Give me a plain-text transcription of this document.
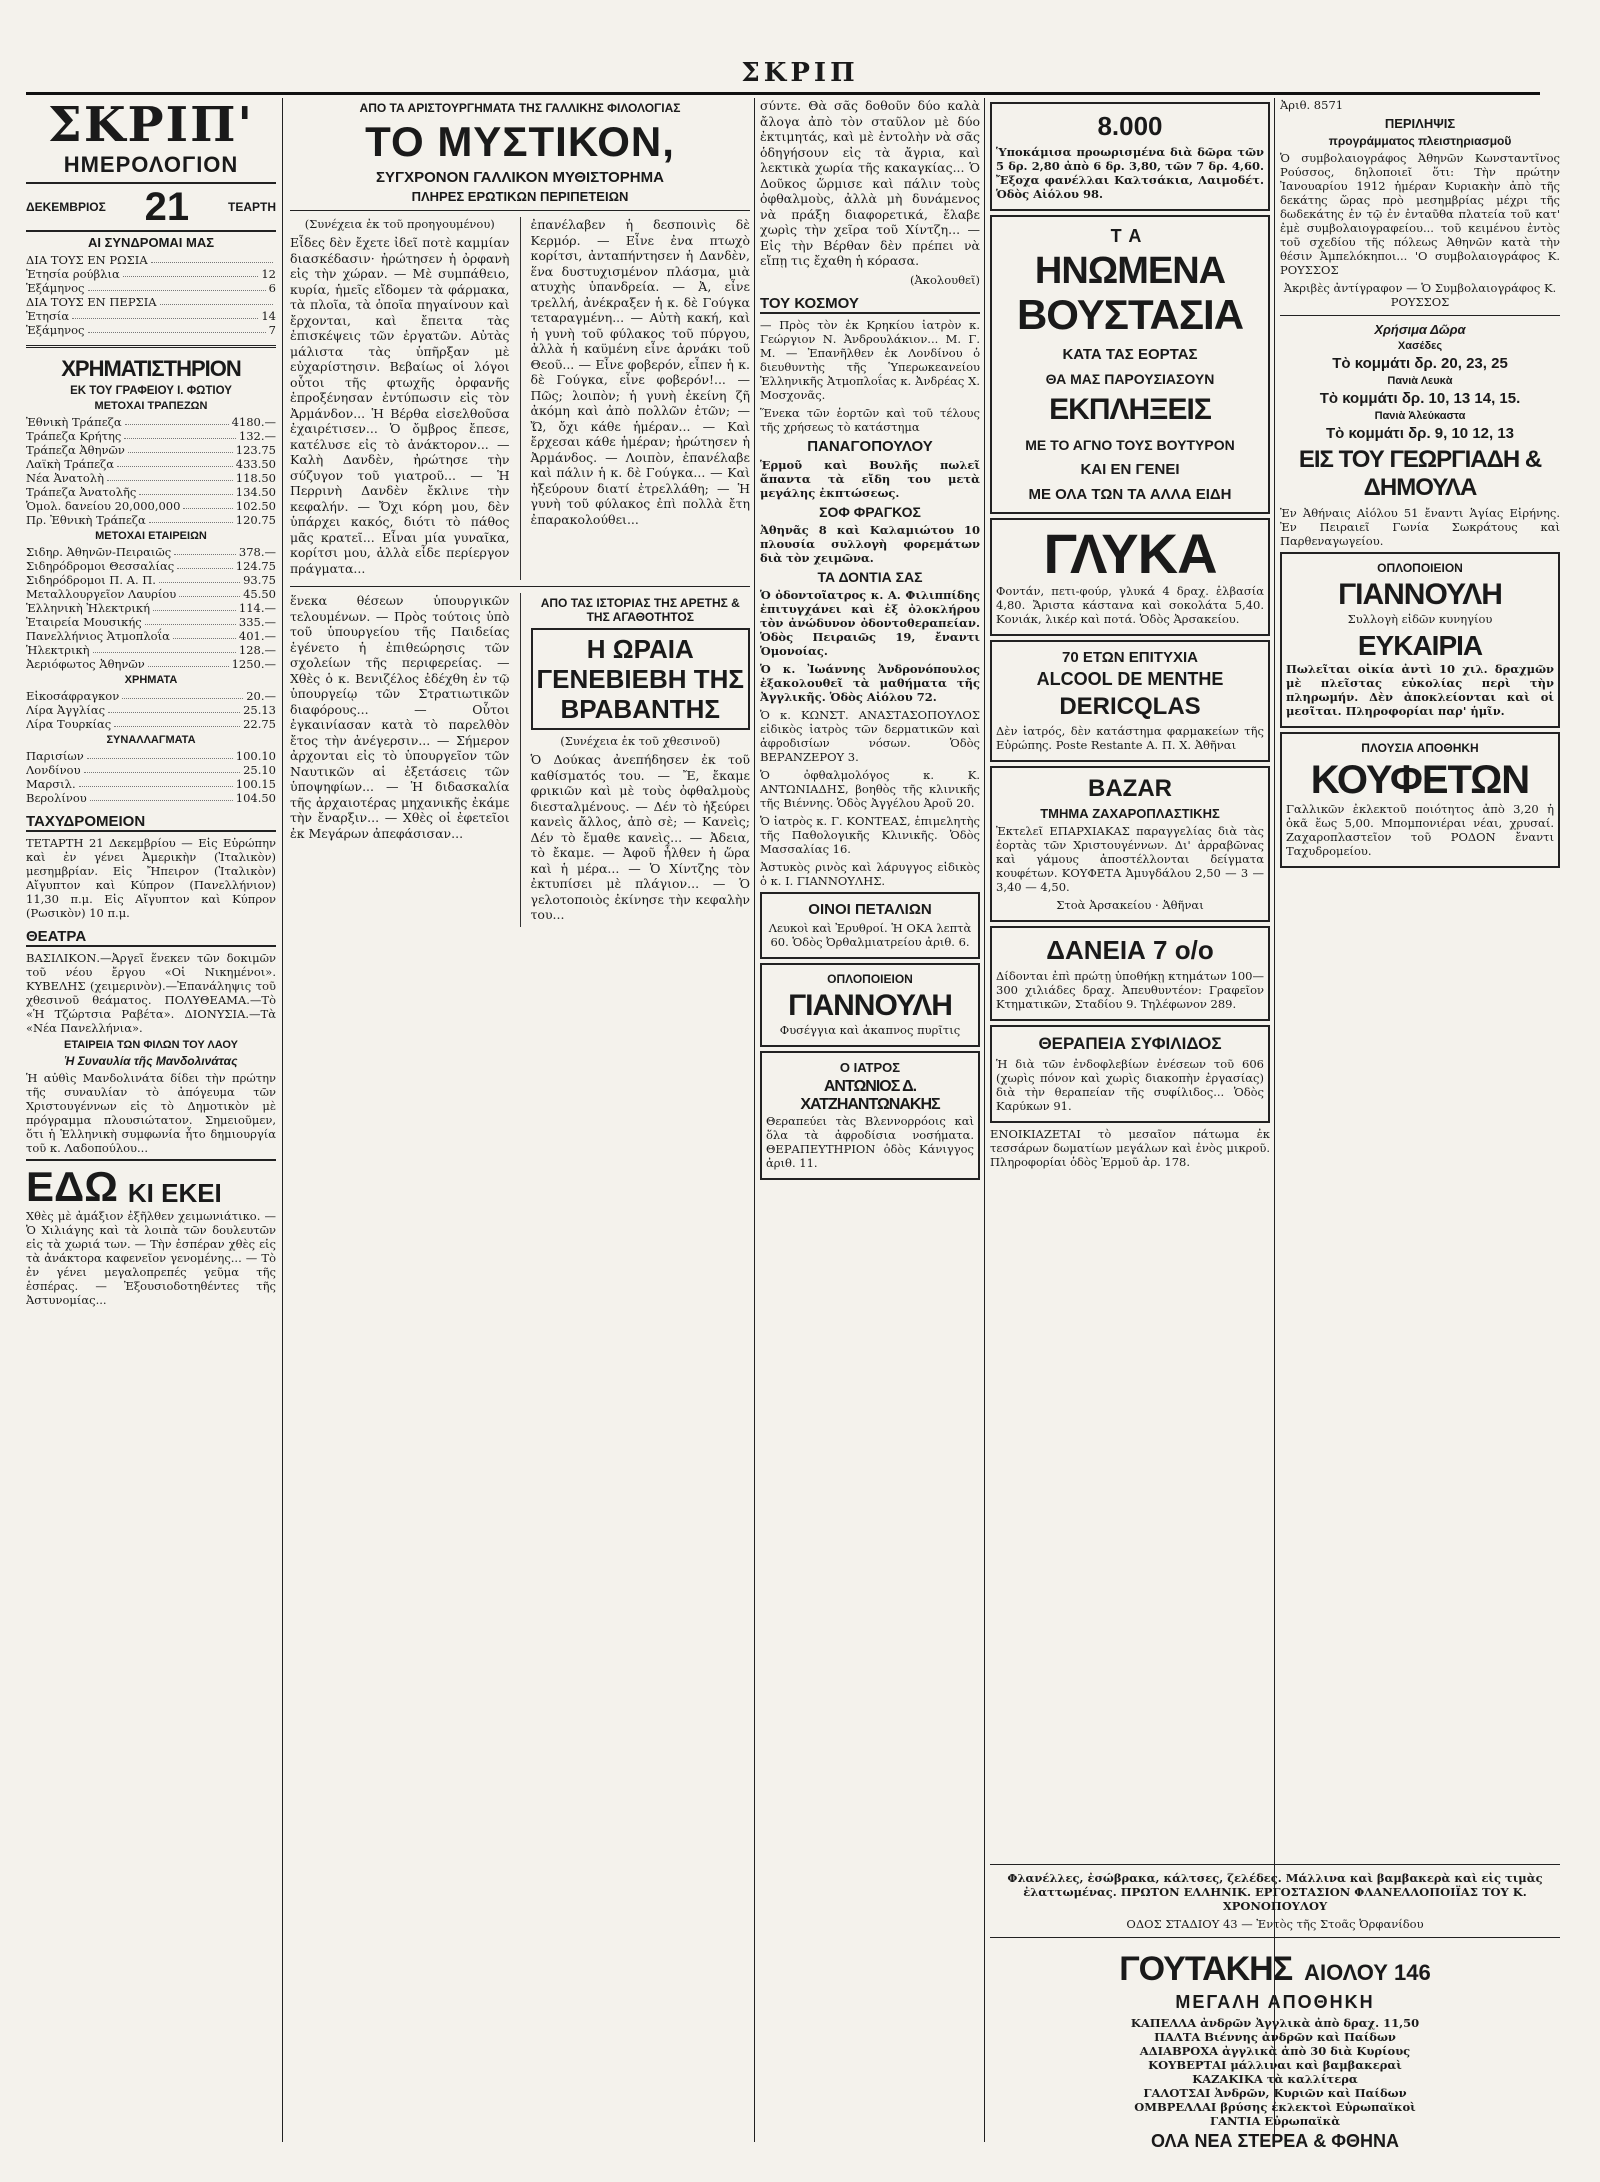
ΣΚΡΙΠ
ΣΚΡΙΠ'
ΗΜΕΡΟΛΟΓΙΟΝ
ΔΕΚΕΜΒΡΙΟΣ 21	ΤΕΑΡΤΗ
ΑΙ ΣΥΝΔΡΟΜΑΙ ΜΑΣ
ΔΙΑ ΤΟΥΣ ΕΝ ΡΩΣΙΑ
Ἐτησία ρούβλια	12
Ἑξάμηνος	6
ΔΙΑ ΤΟΥΣ ΕΝ ΠΕΡΣΙΑ
Ἐτησία	14
Ἑξάμηνος	7
ΧΡΗΜΑΤΙΣΤΗΡΙΟΝ
ΕΚ ΤΟΥ ΓΡΑΦΕΙΟΥ Ι. ΦΩΤΙΟΥ
ΜΕΤΟΧΑΙ ΤΡΑΠΕΖΩΝ
Ἐθνικὴ Τράπεζα	4180.—
Τράπεζα Κρήτης	132.—
Τράπεζα Ἀθηνῶν	123.75
Λαϊκὴ Τράπεζα	433.50
Νέα Ἀνατολὴ	118.50
Τράπεζα Ἀνατολῆς	134.50
Ὁμολ. δανείου 20,000,000	102.50
Πρ. Ἐθνικὴ Τράπεζα	120.75
ΜΕΤΟΧΑΙ ΕΤΑΙΡΕΙΩΝ
Σιδηρ. Ἀθηνῶν-Πειραιῶς	378.—
Σιδηρόδρομοι Θεσσαλίας	124.75
Σιδηρόδρομοι Π. Α. Π.	93.75
Μεταλλουργεῖον Λαυρίου	45.50
Ἑλληνικὴ Ἠλεκτρική	114.—
Ἐταιρεία Μουσικής	335.—
Πανελλήνιος Ἀτμοπλοΐα	401.—
Ἡλεκτρικὴ	128.—
Ἀεριόφωτος Ἀθηνῶν	1250.—
ΧΡΗΜΑΤΑ
Εἰκοσάφραγκον	20.—
Λίρα Ἀγγλίας	25.13
Λίρα Τουρκίας	22.75
ΣΥΝΑΛΛΑΓΜΑΤΑ
Παρισίων	100.10
Λονδίνου	25.10
Μαρσιλ.	100.15
Βερολίνου	104.50
ΤΑΧΥΔΡΟΜΕΙΟΝ

ΤΕΤΑΡΤΗ 21 Δεκεμβρίου — Εἰς Εὐρώπην καὶ ἐν γένει Ἀμερικὴν (Ἰταλικὸν) μεσημβρίαν. Εἰς Ἤπειρον (Ἰταλικὸν) Αἴγυπτον καὶ Κύπρον (Πανελλήνιον) 11,30 π.μ. Εἰς Αἴγυπτον καὶ Κύπρον (Ρωσικὸν) 10 π.μ.

ΘΕΑΤΡΑ

ΒΑΣΙΛΙΚΟΝ.—Ἀργεῖ ἕνεκεν τῶν δοκιμῶν τοῦ νέου ἔργου «Οἱ Νικημένοι». ΚΥΒΕΛΗΣ (χειμερινὸν).—Ἐπανάληψις τοῦ χθεσινοῦ θεάματος. ΠΟΛΥΘΕΑΜΑ.—Τὸ «Ἡ Τζώρτσια Ραβέτα». ΔΙΟΝΥΣΙΑ.—Τὰ «Νέα Πανελλήνια».

ΕΤΑΙΡΕΙΑ ΤΩΝ ΦΙΛΩΝ ΤΟΥ ΛΑΟΥ
Ἡ Συναυλία τῆς Μανδολινάτας

Ἡ αὐθὶς Μανδολινάτα δίδει τὴν πρώτην τῆς συναυλίαν τὸ ἀπόγευμα τῶν Χριστουγέννων εἰς τὸ Δημοτικὸν μὲ πρόγραμμα πλουσιώτατον. Σημειοῦμεν, ὅτι ἡ Ἑλληνικὴ συμφωνία ἦτο δημιουργία τοῦ κ. Λαδοπούλου...

ΕΔΩ ΚΙ ΕΚΕΙ

Χθὲς μὲ ἀμάξιον ἐξῆλθεν χειμωνιάτικο. — Ὁ Χιλιάγης καὶ τὰ λοιπὰ τῶν δουλευτῶν εἰς τὰ χωριά των. — Τὴν ἐσπέραν χθὲς εἰς τὰ ἀνάκτορα καφενεῖον γενομένης... — Τὸ ἐν γένει μεγαλοπρεπές γεῦμα τῆς ἑσπέρας. — Ἐξουσιοδοτηθέντες τῆς Ἀστυνομίας...

ΑΠΟ ΤΑ ΑΡΙΣΤΟΥΡΓΗΜΑΤΑ ΤΗΣ ΓΑΛΛΙΚΗΣ ΦΙΛΟΛΟΓΙΑΣ
ΤΟ ΜΥΣΤΙΚΟΝ,
ΣΥΓΧΡΟΝΟΝ ΓΑΛΛΙΚΟΝ ΜΥΘΙΣΤΟΡΗΜΑ
ΠΛΗΡΕΣ ΕΡΩΤΙΚΩΝ ΠΕΡΙΠΕΤΕΙΩΝ

(Συνέχεια ἐκ τοῦ προηγουμένου)

Εἶδες δὲν ἔχετε ἰδεῖ ποτὲ καμμίαν διασκέδασιν· ἠρώτησεν ἡ ὀρφανὴ εἰς τὴν χώραν. — Μὲ συμπάθειο, κυρία, ἡμεῖς εἴδομεν τὰ φάρμακα, τὰ πλοῖα, τὰ ὁποῖα πηγαίνουν καὶ ἔρχονται, καὶ ἔπειτα τὰς ἐπισκέψεις τῶν ἐργατῶν. Αὐτὰς μάλιστα τὰς ὑπῆρξαν μὲ εὐχαρίστησιν. Βεβαίως οἱ λόγοι οὗτοι τῆς φτωχῆς ὀρφανῆς ἐπροξένησαν ἐντύπωσιν εἰς τὸν Ἀρμάνδον... Ἡ Βέρθα εἰσελθοῦσα ἐχαιρέτισεν... Ὁ ὄμβρος ἔπεσε, κατέλυσε εἰς τὸ ἀνάκτορον... — Καλὴ Δανδὲν, ἠρώτησε τὴν σύζυγον τοῦ γιατροῦ... — Ἡ Περρινὴ Δανδὲν ἔκλινε τὴν κεφαλήν. — Ὄχι κόρη μου, δὲν ὑπάρχει κακός, διότι τὸ πάθος μᾶς κρατεῖ... Εἶναι μία γυναῖκα, κορίτσι μου, ἀλλὰ εἶδε περίεργον πράγματα...

ἐπανέλαβεν ἡ δεσποινὶς δὲ Κερμόρ. — Εἶνε ἐνα πτωχὸ κορίτσι, ἀνταπήντησεν ἡ Δανδὲν, ἕνα δυστυχισμένον πλάσμα, μιὰ ατυχὴς ὑπανδρεία. — Ἀ, εἶνε τρελλή, ἀνέκραξεν ἡ κ. δὲ Γούγκα τεταραγμένη... — Αὐτὴ κακή, καὶ ἡ γυνὴ τοῦ φύλακος τοῦ πύργου, ἀλλὰ ἡ καϋμένη εἶνε ἀρνάκι τοῦ Θεοῦ... — Εἶνε φοβερόν, εἶπεν ἡ κ. δὲ Γούγκα, εἶνε φοβερόν!... — Πῶς; λοιπὸν; ἡ γυνὴ ἐκείνη ζῆ ἀκόμη καὶ ἀπὸ πολλῶν ἐτῶν; — Ὤ, ὄχι κάθε ἡμέραν... — Καὶ ἔρχεσαι κάθε ἡμέραν; ἠρώτησεν ἡ Ἀρμάνδος. — Λοιπὸν, ἐπανέλαβε καὶ πάλιν ἡ κ. δὲ Γούγκα... — Καὶ ἠξεύρουν διατί ἐτρελλάθη; — Ἡ γυνὴ τοῦ φύλακος ἐπὶ πολλὰ ἔτη ἐπαρακολούθει...

ἕνεκα θέσεων ὑπουργικῶν τελουμένων. — Πρὸς τούτοις ὑπὸ τοῦ ὑπουργείου τῆς Παιδείας ἐγένετο ἡ ἐπιθεώρησις τῶν σχολείων τῆς περιφερείας. — Χθὲς ὁ κ. Βενιζέλος ἐδέχθη ἐν τῷ ὑπουργείῳ τῶν Στρατιωτικῶν διαφόρους... — Οὗτοι ἐγκαινίασαν κατὰ τὸ παρελθὸν ἔτος τὴν ἀνέγερσιν... — Σήμερον ἀρχονται εἰς τὸ ὑπουργεῖον τῶν Ναυτικῶν αἱ ἐξετάσεις τῶν ὑποψηφίων... — Ἡ διδασκαλία τῆς ἀρχαιοτέρας μηχανικῆς ἐκάμε τὴν ἔναρξιν... — Χθὲς οἱ ἐφετεῖοι ἐκ Μεγάρων ἀπεφάσισαν...

ΑΠΟ ΤΑΣ ΙΣΤΟΡΙΑΣ ΤΗΣ ΑΡΕΤΗΣ & ΤΗΣ ΑΓΑΘΟΤΗΤΟΣ
Η ΩΡΑΙΑ ΓΕΝΕΒΙΕΒΗ ΤΗΣ ΒΡΑΒΑΝΤΗΣ

(Συνέχεια ἐκ τοῦ χθεσινοῦ)

Ὁ Δούκας ἀνεπήδησεν ἐκ τοῦ καθίσματός του. — Ἔ, ἔκαμε φρικιῶν καὶ μὲ τοὺς ὀφθαλμοὺς διεσταλμένους. — Δέν τὸ ἠξεύρει κανεὶς ἄλλος, ἀπὸ σὲ; — Κανεὶς; Δέν τὸ ἔμαθε κανεὶς... — Ἀδεια, τὸ ἔκαμε. — Ἀφοῦ ἦλθεν ἡ ὥρα καὶ ἡ μέρα... — Ὁ Χίντζης τὸν ἐκτυπίσει μὲ πλάγιον... — Ὁ γελοτοποιὸς ἐκίνησε τὴν κεφαλὴν του...

σύντε. Θὰ σᾶς δοθοῦν δύο καλὰ ἄλογα ἀπὸ τὸν σταῦλον μὲ δύο ἐκτιμητάς, καὶ μὲ ἐντολὴν νὰ σᾶς ὁδηγήσουν εἰς τὰ ἄγρια, καὶ λεκτικὰ χωρία τῆς κακαγκίας... Ὁ Δοῦκος ὥρμισε καὶ πάλιν τοὺς ὀφθαλμοὺς, ἀλλὰ μὴ δυνάμενος νὰ πράξη διαφορετικά, ἔλαβε χωρὶς τὴν χεῖρα τοῦ Χίντζη... — Εἰς τὴν Βέρθαν δὲν πρέπει νὰ εἴπῃ τις ἔχαθη ἡ κόρασα.

(Ἀκολουθεῖ)

ΤΟΥ ΚΟΣΜΟΥ

— Πρὸς τὸν ἐκ Κρηκίου ἰατρὸν κ. Γεώργιον Ν. Ἀνδρουλάκιον... Μ. Γ. Μ. — Ἐπανῆλθεν ἐκ Λονδίνου ὁ διευθυντὴς τῆς Ὑπερωκεανείου Ἑλληνικῆς Ἀτμοπλοΐας κ. Ἀνδρέας Χ. Μοσχονᾶς.

Ἕνεκα τῶν ἑορτῶν καὶ τοῦ τέλους τῆς χρήσεως τὸ κατάστημα

ΠΑΝΑΓΟΠΟΥΛΟΥ

Ἑρμοῦ καὶ Βουλῆς πωλεῖ ἅπαντα τὰ εἴδη του μετὰ μεγάλης ἐκπτώσεως.

ΣΟΦ ΦΡΑΓΚΟΣ

Ἀθηνᾶς 8 καὶ Καλαμιώτου 10 πλουσία συλλογὴ φορεμάτων διὰ τὸν χειμῶνα.

ΤΑ ΔΟΝΤΙΑ ΣΑΣ

Ὁ ὀδοντοῖατρος κ. Α. Φιλιππίδης ἐπιτυγχάνει καὶ ἐξ ὀλοκλήρου τὸν ἀνώδυνον ὀδοντοθεραπείαν. Ὁδὸς Πειραιῶς 19, ἔναντι Ὁμονοίας.

Ὁ κ. Ἰωάννης Ἀνδρονόπουλος ἐξακολουθεῖ τὰ μαθήματα τῆς Ἀγγλικῆς. Ὁδὸς Αἰόλου 72.

Ὁ κ. ΚΩΝΣΤ. ΑΝΑΣΤΑΣΟΠΟΥΛΟΣ εἰδικὸς ἰατρὸς τῶν δερματικῶν καὶ ἀφροδισίων νόσων. Ὁδὸς ΒΕΡΑΝΖΕΡΟΥ 3.

Ὁ ὀφθαλμολόγος κ. Κ. ΑΝΤΩΝΙΑΔΗΣ, βοηθὸς τῆς κλινικῆς τῆς Βιέννης. Ὁδὸς Ἀγγέλου Ἀροῦ 20.

Ὁ ἰατρὸς κ. Γ. ΚΟΝΤΕΑΣ, ἐπιμελητὴς τῆς Παθολογικῆς Κλινικῆς. Ὁδὸς Μασσαλίας 16.

Ἀστυκὸς ρινὸς καὶ λάρυγγος εἰδικὸς ὁ κ. Ι. ΓΙΑΝΝΟΥΛΗΣ.

ΟΙΝΟΙ ΠΕΤΑΛΙΩΝ

Λευκοὶ καὶ Ἐρυθροί. Ἡ ΟΚΑ λεπτὰ 60. Ὁδὸς Ὀρθαλμιατρείου ἀριθ. 6.

ΟΠΛΟΠΟΙΕΙΟΝ
ΓΙΑΝΝΟΥΛΗ

Φυσέγγια καὶ ἀκαπνος πυρῖτις

Ο ΙΑΤΡΟΣ
ΑΝΤΩΝΙΟΣ Δ. ΧΑΤΖΗΑΝΤΩΝΑΚΗΣ

Θεραπεύει τὰς Βλεννορρόοις καὶ ὅλα τὰ ἀφροδίσια νοσήματα. ΘΕΡΑΠΕΥΤΗΡΙΟΝ ὁδὸς Κάνιγγος ἀριθ. 11.

8.000

Ὑποκάμισα προωρισμένα διὰ δῶρα τῶν 5 δρ. 2,80 ἀπὸ 6 δρ. 3,80, τῶν 7 δρ. 4,60. Ἔξοχα φανέλλαι Καλτσάκια, Λαιμοδέτ. Ὁδὸς Αἰόλου 98.

ΤΑ
ΗΝΩΜΕΝΑ
ΒΟΥΣΤΑΣΙΑ
ΚΑΤΑ ΤΑΣ ΕΟΡΤΑΣ
ΘΑ ΜΑΣ ΠΑΡΟΥΣΙΑΣΟΥΝ
ΕΚΠΛΗΞΕΙΣ
ΜΕ ΤΟ ΑΓΝΟ ΤΟΥΣ ΒΟΥΤΥΡΟΝ
ΚΑΙ ΕΝ ΓΕΝΕΙ
ΜΕ ΟΛΑ ΤΩΝ ΤΑ ΑΛΛΑ ΕΙΔΗ
ΓΛΥΚΑ

Φοντάν, πετι-φούρ, γλυκά 4 δραχ. ἑλβασία 4,80. Ἄριστα κάστανα καὶ σοκολάτα 5,40. Κονιάκ, λικέρ καὶ ποτά. Ὁδὸς Ἀρσακείου.

70 ΕΤΩΝ ΕΠΙΤΥΧΙΑ
ALCOOL DE MENTHE
DERICQLAS

Δὲν ἰατρός, δὲν κατάστημα φαρμακείων τῆς Εὐρώπης. Poste Restante Α. Π. Χ. Ἀθῆναι

BAZAR
ΤΜΗΜΑ ΖΑΧΑΡΟΠΛΑΣΤΙΚΗΣ

Ἐκτελεῖ ΕΠΑΡΧΙΑΚΑΣ παραγγελίας διὰ τὰς ἑορτὰς τῶν Χριστουγέννων. Δι' ἀρραβῶνας καὶ γάμους ἀποστέλλονται δείγματα κουφέτων. ΚΟΥΦΕΤΑ Ἀμυγδάλου 2,50 — 3 — 3,40 — 4,50.

Στοὰ Ἀρσακείου · Ἀθῆναι

ΔΑΝΕΙΑ 7 ο/ο

Δίδονται ἐπὶ πρώτῃ ὑποθήκῃ κτημάτων 100—300 χιλιάδες δραχ. Ἀπευθυντέον: Γραφεῖον Κτηματικῶν, Σταδίου 9. Τηλέφωνον 289.

ΘΕΡΑΠΕΙΑ ΣΥΦΙΛΙΔΟΣ

Ἡ διὰ τῶν ἐνδοφλεβίων ἐνέσεων τοῦ 606 (χωρὶς πόνον καὶ χωρὶς διακοπὴν ἐργασίας) διὰ τὴν θεραπείαν τῆς συφίλιδος... Ὁδὸς Καρύκων 91.

ΕΝΟΙΚΙΑΖΕΤΑΙ τὸ μεσαῖον πάτωμα ἐκ τεσσάρων δωματίων μεγάλων καὶ ἐνὸς μικροῦ. Πληροφορίαι ὁδὸς Ἐρμοῦ ἀρ. 178.

Φλανέλλες, ἐσώβρακα, κάλτσες, ζελέδες. Μάλλινα καὶ βαμβακερὰ καὶ εἰς τιμὰς ἐλαττωμένας. ΠΡΩΤΟΝ ΕΛΛΗΝΙΚ. ΕΡΓΟΣΤΑΣΙΟΝ ΦΛΑΝΕΛΛΟΠΟΙΪΑΣ ΤΟΥ Κ. ΧΡΟΝΟΠΟΥΛΟΥ

ΟΔΟΣ ΣΤΑΔΙΟΥ 43 — Ἐντὸς τῆς Στοᾶς Ὀρφανίδου

ΓΟΥΤΑΚΗΣ ΑΙΟΛΟΥ 146
ΜΕΓΑΛΗ ΑΠΟΘΗΚΗ

ΚΑΠΕΛΛΑ ἀνδρῶν Ἀγγλικὰ ἀπὸ δραχ. 11,50

ΠΑΛΤΑ Βιέννης ἀνδρῶν καὶ Παίδων

ΑΔΙΑΒΡΟΧΑ ἀγγλικὰ ἀπὸ 30 διὰ Κυρίους

ΚΟΥΒΕΡΤΑΙ μάλλιναι καὶ βαμβακεραὶ

ΚΑΖΑΚΙΚΑ τὰ καλλίτερα

ΓΑΛΟΤΣΑΙ Ἀνδρῶν, Κυριῶν καὶ Παίδων

ΟΜΒΡΕΛΛΑΙ βρύσης ἐκλεκτοὶ Εὐρωπαϊκοὶ

ΓΑΝΤΙΑ Εὐρωπαϊκὰ

ΟΛΑ ΝΕΑ ΣΤΕΡΕΑ & ΦΘΗΝΑ

Ἀριθ. 8571

ΠΕΡΙΛΗΨΙΣ
προγράμματος πλειστηριασμοῦ

Ὁ συμβολαιογράφος Ἀθηνῶν Κωνσταντῖνος Ρούσσος, δηλοποιεῖ ὅτι: Τὴν πρώτην Ἰανουαρίου 1912 ἡμέραν Κυριακὴν ἀπὸ τῆς δεκάτης ὥρας πρὸ μεσημβρίας μέχρι τῆς δωδεκάτης ἐν τῷ ἐν ἐνταῦθα πλατεία τοῦ κατ' ἐμὲ συμβολαιογραφείου... τοῦ κειμένου ἐντὸς τοῦ σχεδίου τῆς πόλεως Ἀθηνῶν κατὰ τὴν θέσιν Ἀμπελόκηποι... 'Ο συμβολαιογράφος Κ. ΡΟΥΣΣΟΣ

Ἀκριβὲς ἀντίγραφον — Ὁ Συμβολαιογράφος Κ. ΡΟΥΣΣΟΣ

Χρήσιμα Δῶρα
Χασέδες
Τὸ κομμάτι δρ. 20, 23, 25
Πανιὰ Λευκὰ
Τὸ κομμάτι δρ. 10, 13 14, 15.
Πανιὰ Ἀλεύκαστα
Τὸ κομμάτι δρ. 9, 10 12, 13
ΕΙΣ ΤΟΥ ΓΕΩΡΓΙΑΔΗ & ΔΗΜΟΥΛΑ

Ἐν Ἀθήναις Αἰόλου 51 ἔναντι Ἁγίας Εἰρήνης. Ἐν Πειραιεῖ Γωνία Σωκράτους καὶ Παρθεναγωγείου.

ΟΠΛΟΠΟΙΕΙΟΝ
ΓΙΑΝΝΟΥΛΗ

Συλλογὴ εἰδῶν κυνηγίου

ΕΥΚΑΙΡΙΑ

Πωλεῖται οἰκία ἀντὶ 10 χιλ. δραχμῶν μὲ πλεῖστας εὐκολίας περὶ τὴν πληρωμήν. Δὲν ἀποκλείονται καὶ οἱ μεσῖται. Πληροφορίαι παρ' ἡμῖν.

ΠΛΟΥΣΙΑ ΑΠΟΘΗΚΗ
ΚΟΥΦΕΤΩΝ

Γαλλικῶν ἐκλεκτοῦ ποιότητος ἀπὸ 3,20 ἡ ὀκᾶ ἕως 5,00. Μπομπονιέραι νέαι, χρυσαί. Ζαχαροπλαστεῖον τοῦ ΡΟΔΟΝ ἔναντι Ταχυδρομείου.
